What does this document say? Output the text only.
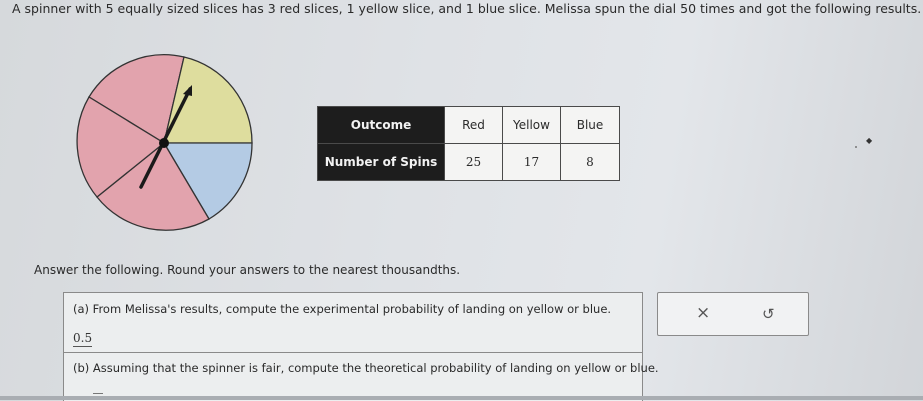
A spinner with 5 equally sized slices has 3 red slices, 1 yellow slice, and 1 blue slice. Melissa spun the dial 50 times and got the following results.
Outcome	Red	Yellow	Blue
Number of Spins	25	17	8
Answer the following. Round your answers to the nearest thousandths.
(a) From Melissa's results, compute the experimental probability of landing on yellow or blue.
0.5
(b) Assuming that the spinner is fair, compute the theoretical probability of landing on yellow or blue.
×	↺
◆
